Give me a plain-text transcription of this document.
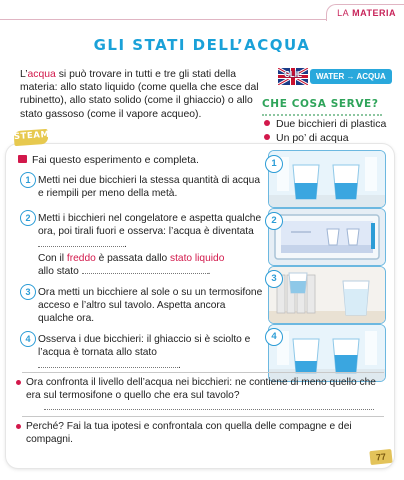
LA MATERIA
GLI STATI DELL’ACQUA
L’acqua si può trovare in tutti e tre gli stati della materia: allo stato liquido (come quella che esce dal rubinetto), allo stato solido (come il ghiaccio) o allo stato gassoso (come il vapore acqueo).
CLIL	WATER → ACQUA
CHE COSA SERVE?
Due bicchieri di plastica
Un po’ di acqua
STEAM
Fai questo esperimento e completa.
1 Metti nei due bicchieri la stessa quantità di acqua e riempili per meno della metà.
2 Metti i bicchieri nel congelatore e aspetta qualche ora, poi tirali fuori e osserva: l’acqua è diventata .
Con il freddo è passata dallo stato liquido
allo stato	.
3 Ora metti un bicchiere al sole o su un termosifone acceso e l’altro sul tavolo. Aspetta ancora qualche ora.
4 Osserva i due bicchieri: il ghiaccio si è sciolto e l’acqua è tornata allo stato
.
1
2
3
4
Ora confronta il livello dell’acqua nei bicchieri: ne contiene di meno quello che era sul termosifone o quello che era sul tavolo?
Perché? Fai la tua ipotesi e confrontala con quella delle compagne e dei compagni.
77
